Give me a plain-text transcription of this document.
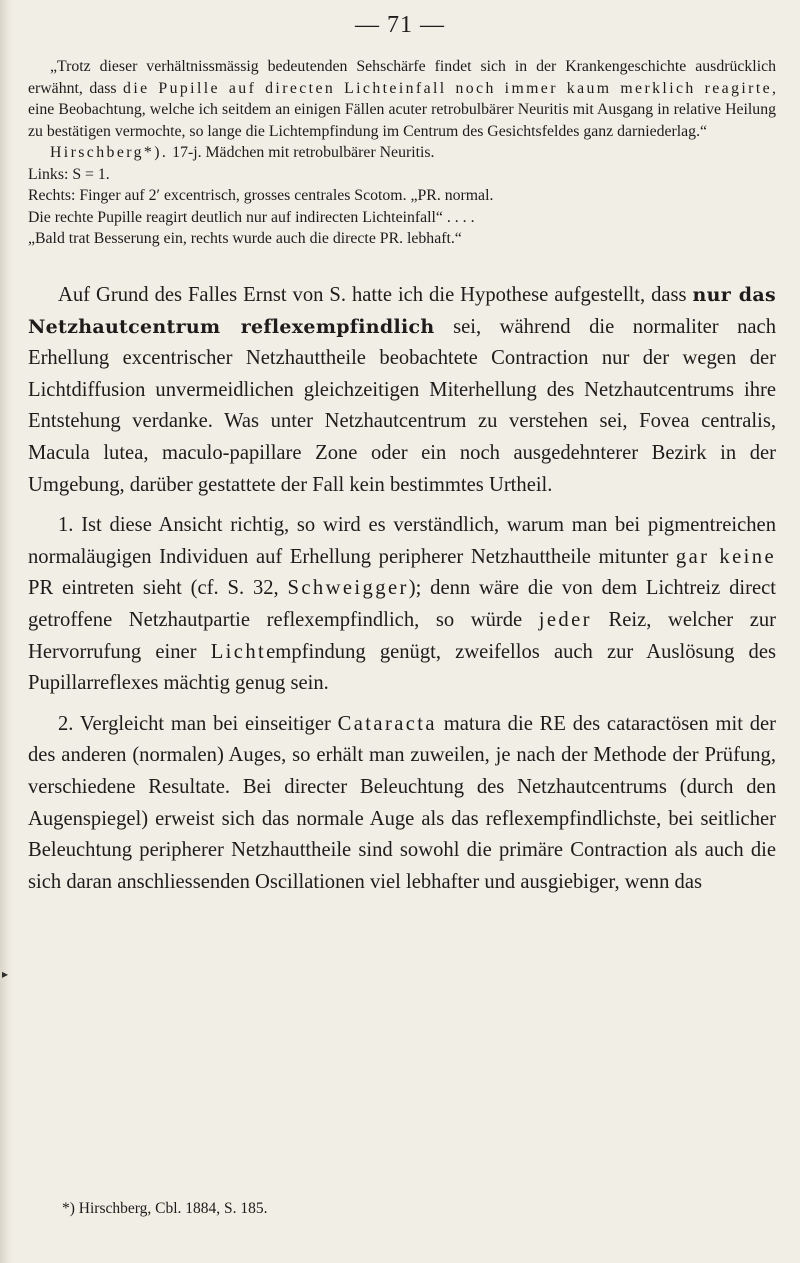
— 71 —

„Trotz dieser verhältnissmässig bedeutenden Sehschärfe findet sich in der Krankengeschichte ausdrücklich erwähnt, dass die Pupille auf directen Lichteinfall noch immer kaum merklich reagirte, eine Beobachtung, welche ich seitdem an einigen Fällen acuter retrobulbärer Neuritis mit Ausgang in relative Heilung zu bestätigen vermochte, so lange die Lichtempfindung im Centrum des Gesichtsfeldes ganz darniederlag.“

Hirschberg*). 17-j. Mädchen mit retrobulbärer Neuritis.

Links: S = 1.

Rechts: Finger auf 2′ excentrisch, grosses centrales Scotom. „PR. normal.

Die rechte Pupille reagirt deutlich nur auf indirecten Lichteinfall“ . . . .

„Bald trat Besserung ein, rechts wurde auch die directe PR. lebhaft.“

Auf Grund des Falles Ernst von S. hatte ich die Hypothese aufgestellt, dass nur das Netzhautcentrum reflexempfindlich sei, während die normaliter nach Erhellung excentrischer Netzhauttheile beobachtete Contraction nur der wegen der Lichtdiffusion unvermeidlichen gleichzeitigen Miterhellung des Netzhautcentrums ihre Entstehung verdanke. Was unter Netzhautcentrum zu verstehen sei, Fovea centralis, Macula lutea, maculo-papillare Zone oder ein noch ausgedehnterer Bezirk in der Umgebung, darüber gestattete der Fall kein bestimmtes Urtheil.

1. Ist diese Ansicht richtig, so wird es verständlich, warum man bei pigmentreichen normaläugigen Individuen auf Erhellung peripherer Netzhauttheile mitunter gar keine PR eintreten sieht (cf. S. 32, Schweigger); denn wäre die von dem Lichtreiz direct getroffene Netzhautpartie reflexempfindlich, so würde jeder Reiz, welcher zur Hervorrufung einer Lichtempfindung genügt, zweifellos auch zur Auslösung des Pupillarreflexes mächtig genug sein.

2. Vergleicht man bei einseitiger Cataracta matura die RE des cataractösen mit der des anderen (normalen) Auges, so erhält man zuweilen, je nach der Methode der Prüfung, verschiedene Resultate. Bei directer Beleuchtung des Netzhautcentrums (durch den Augenspiegel) erweist sich das normale Auge als das reflexempfindlichste, bei seitlicher Beleuchtung peripherer Netzhauttheile sind sowohl die primäre Contraction als auch die sich daran anschliessenden Oscillationen viel lebhafter und ausgiebiger, wenn das

▸
*) Hirschberg, Cbl. 1884, S. 185.
